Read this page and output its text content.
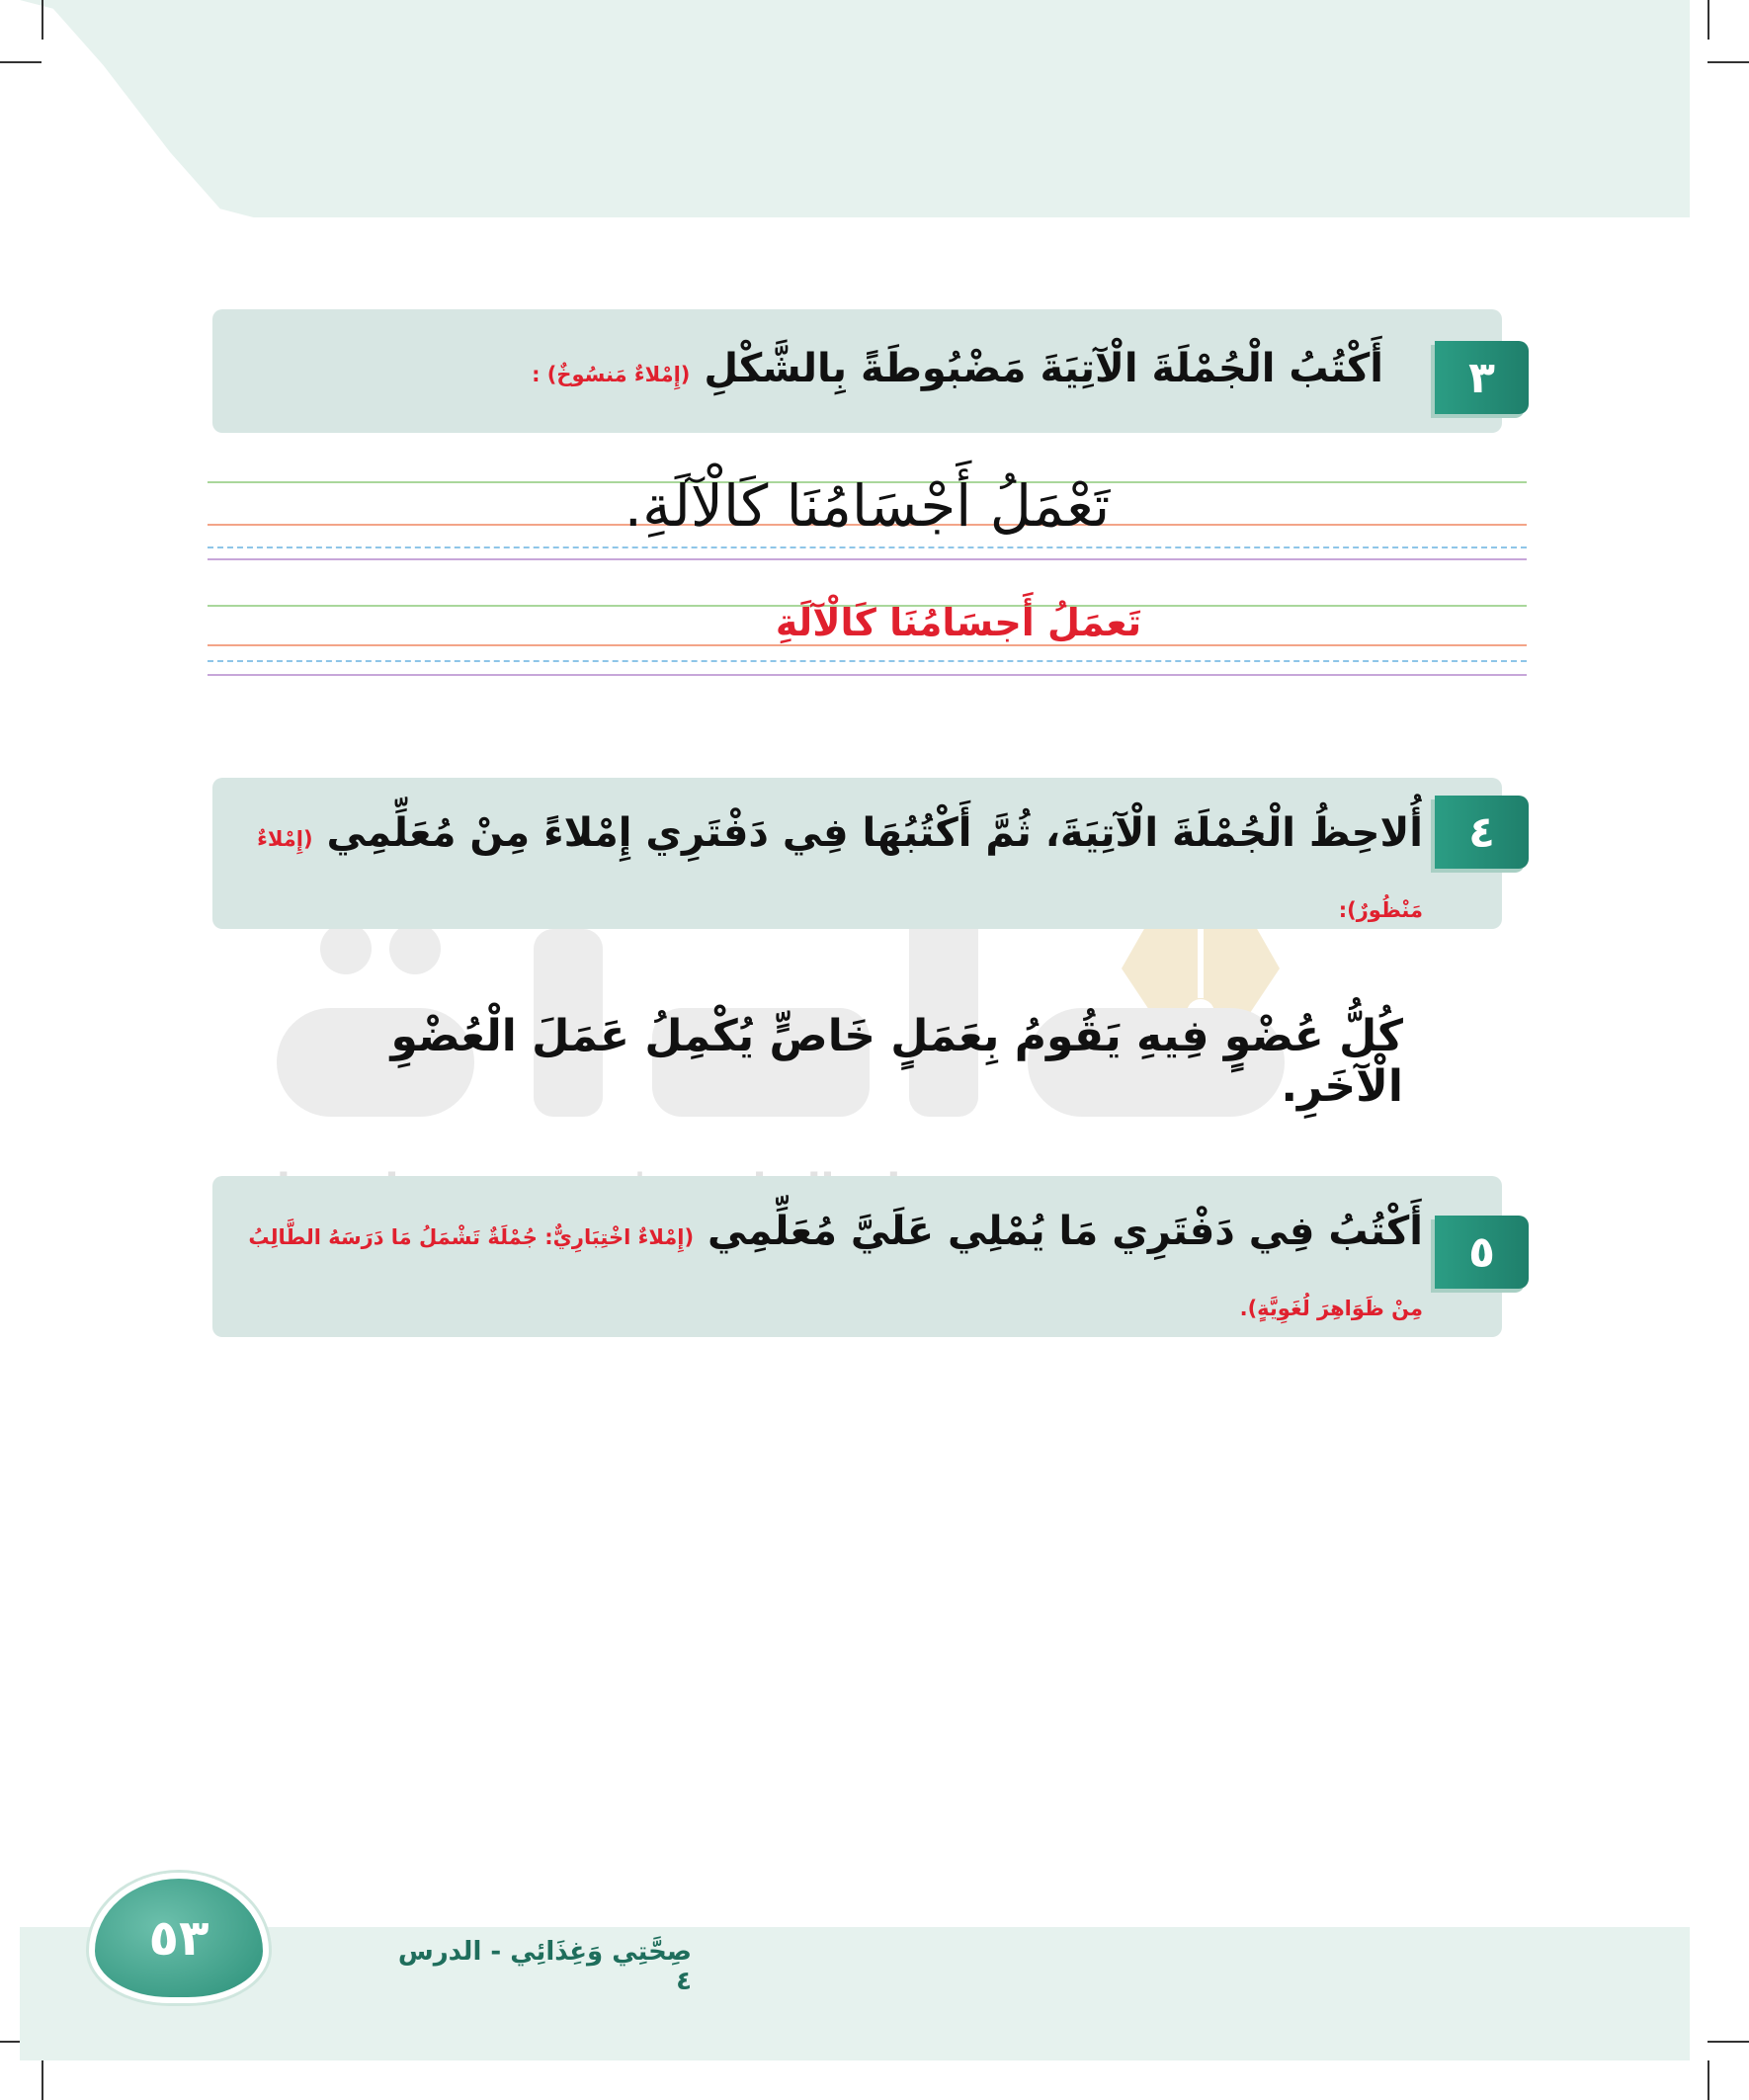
٣
أَكْتُبُ الْجُمْلَةَ الْآتِيَةَ مَضْبُوطَةً بِالشَّكْلِ (إِمْلاءٌ مَنسُوخٌ) :
تَعْمَلُ أَجْسَامُنَا كَالْآلَةِ.
تَعمَلُ أَجسَامُنَا كَالْآلَةِ
٤
أُلاحِظُ الْجُمْلَةَ الْآتِيَةَ، ثُمَّ أَكْتُبُهَا فِي دَفْتَرِي إِمْلاءً مِنْ مُعَلِّمِي (إِمْلاءٌ مَنْظُورٌ):
كُلُّ عُضْوٍ فِيهِ يَقُومُ بِعَمَلٍ خَاصٍّ يُكْمِلُ عَمَلَ الْعُضْوِ الْآخَرِ.
٥
أَكْتُبُ فِي دَفْتَرِي مَا يُمْلِي عَلَيَّ مُعَلِّمِي (إِمْلاءٌ اخْتِبَارِيٌّ: جُمْلَةٌ تَشْمَلُ مَا دَرَسَهُ الطَّالِبُ مِنْ ظَوَاهِرَ لُغَوِيَّةٍ).
٥٣	صِحَّتِي وَغِذَائِي - الدرس ٤
